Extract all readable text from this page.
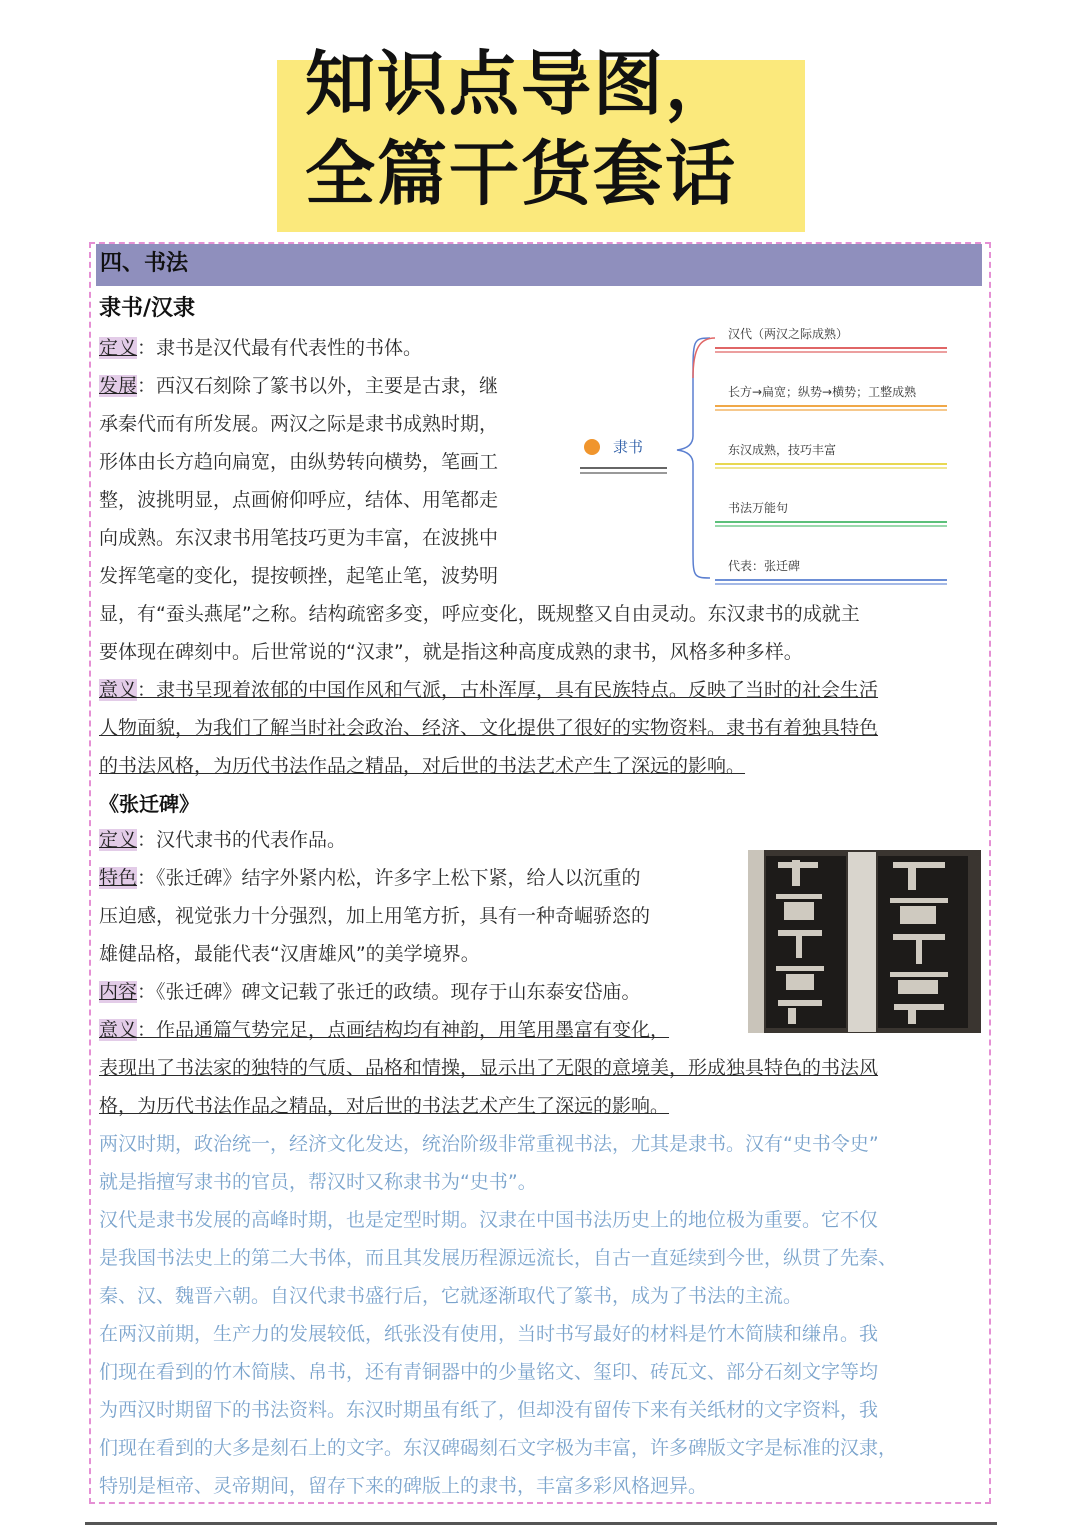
知识点导图，
全篇干货套话
四、书法
隶书/汉隶
定义：隶书是汉代最有代表性的书体。
发展：西汉石刻除了篆书以外，主要是古隶，继
承秦代而有所发展。两汉之际是隶书成熟时期，
形体由长方趋向扁宽，由纵势转向横势，笔画工
整，波挑明显，点画俯仰呼应，结体、用笔都走
向成熟。东汉隶书用笔技巧更为丰富，在波挑中
发挥笔毫的变化，提按顿挫，起笔止笔，波势明
显，有“蚕头燕尾”之称。结构疏密多变，呼应变化，既规整又自由灵动。东汉隶书的成就主
要体现在碑刻中。后世常说的“汉隶”，就是指这种高度成熟的隶书，风格多种多样。
意义：隶书呈现着浓郁的中国作风和气派，古朴浑厚，具有民族特点。反映了当时的社会生活
人物面貌，为我们了解当时社会政治、经济、文化提供了很好的实物资料。隶书有着独具特色
的书法风格，为历代书法作品之精品，对后世的书法艺术产生了深远的影响。
隶书
汉代（两汉之际成熟）
长方→扁宽；纵势→横势；工整成熟
东汉成熟，技巧丰富
书法万能句
代表：张迁碑
《张迁碑》
定义：汉代隶书的代表作品。
特色：《张迁碑》结字外紧内松，许多字上松下紧，给人以沉重的
压迫感，视觉张力十分强烈，加上用笔方折，具有一种奇崛骄恣的
雄健品格，最能代表“汉唐雄风”的美学境界。
内容：《张迁碑》碑文记载了张迁的政绩。现存于山东泰安岱庙。
意义：作品通篇气势完足，点画结构均有神韵，用笔用墨富有变化，
表现出了书法家的独特的气质、品格和情操，显示出了无限的意境美，形成独具特色的书法风
格，为历代书法作品之精品，对后世的书法艺术产生了深远的影响。
两汉时期，政治统一，经济文化发达，统治阶级非常重视书法，尤其是隶书。汉有“史书令史”
就是指擅写隶书的官员，帮汉时又称隶书为“史书”。
汉代是隶书发展的高峰时期，也是定型时期。汉隶在中国书法历史上的地位极为重要。它不仅
是我国书法史上的第二大书体，而且其发展历程源远流长，自古一直延续到今世，纵贯了先秦、
秦、汉、魏晋六朝。自汉代隶书盛行后，它就逐渐取代了篆书，成为了书法的主流。
在两汉前期，生产力的发展较低，纸张没有使用，当时书写最好的材料是竹木简牍和缣帛。我
们现在看到的竹木简牍、帛书，还有青铜器中的少量铭文、玺印、砖瓦文、部分石刻文字等均
为西汉时期留下的书法资料。东汉时期虽有纸了，但却没有留传下来有关纸材的文字资料，我
们现在看到的大多是刻石上的文字。东汉碑碣刻石文字极为丰富，许多碑版文字是标准的汉隶，
特别是桓帝、灵帝期间，留存下来的碑版上的隶书，丰富多彩风格迥异。
